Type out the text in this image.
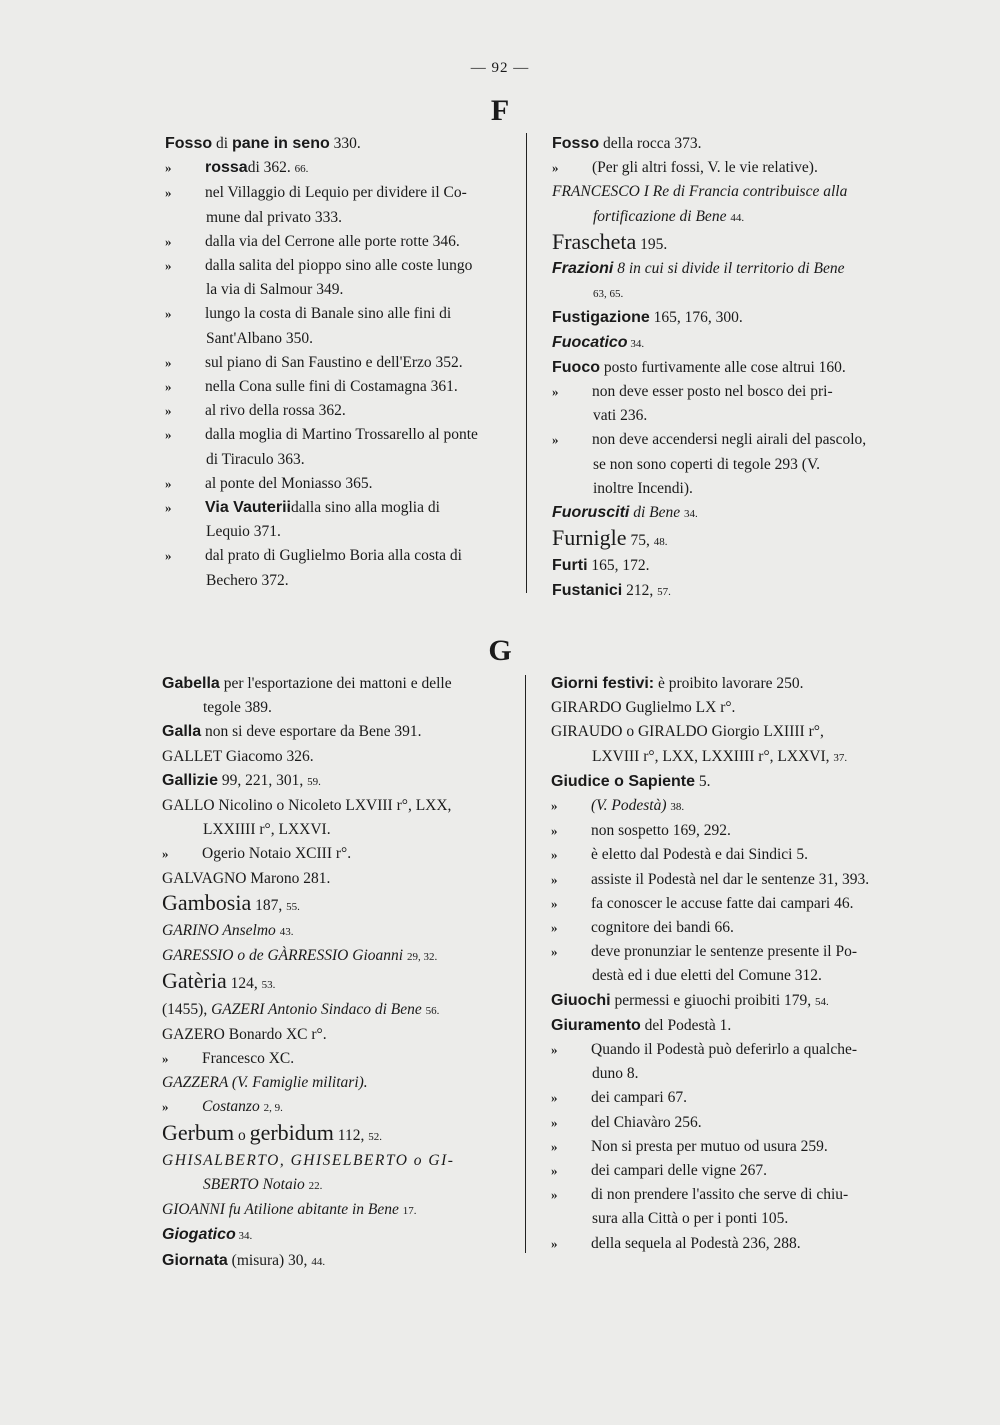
— 92 —
F
Fosso di pane in seno 330.
» rossadi 362. 66.
» nel Villaggio di Lequio per dividere il Co-
mune dal privato 333.
» dalla via del Cerrone alle porte rotte 346.
» dalla salita del pioppo sino alle coste lungo
la via di Salmour 349.
» lungo la costa di Banale sino alle fini di
Sant'Albano 350.
» sul piano di San Faustino e dell'Erzo 352.
» nella Cona sulle fini di Costamagna 361.
» al rivo della rossa 362.
» dalla moglia di Martino Trossarello al ponte
di Tiraculo 363.
» al ponte del Moniasso 365.
» Via Vauteriidalla sino alla moglia di
Lequio 371.
» dal prato di Guglielmo Boria alla costa di
Bechero 372.
Fosso della rocca 373.
» (Per gli altri fossi, V. le vie relative).
FRANCESCO I Re di Francia contribuisce alla
fortificazione di Bene 44.
Frascheta 195.
Frazioni 8 in cui si divide il territorio di Bene
63, 65.
Fustigazione 165, 176, 300.
Fuocatico 34.
Fuoco posto furtivamente alle cose altrui 160.
» non deve esser posto nel bosco dei pri-
vati 236.
» non deve accendersi negli airali del pascolo,
se non sono coperti di tegole 293 (V.
inoltre Incendi).
Fuorusciti di Bene 34.
Furnigle 75, 48.
Furti 165, 172.
Fustanici 212, 57.
G
Gabella per l'esportazione dei mattoni e delle
tegole 389.
Galla non si deve esportare da Bene 391.
GALLET Giacomo 326.
Gallizie 99, 221, 301, 59.
GALLO Nicolino o Nicoleto LXVIII r°, LXX,
LXXIIII r°, LXXVI.
» Ogerio Notaio XCIII r°.
GALVAGNO Marono 281.
Gambosia 187, 55.
GARINO Anselmo 43.
GARESSIO o de GÀRRESSIO Gioanni 29, 32.
Gatèria 124, 53.
(1455), GAZERI Antonio Sindaco di Bene 56.
GAZERO Bonardo XC r°.
» Francesco XC.
GAZZERA (V. Famiglie militari).
» Costanzo 2, 9.
Gerbum o gerbidum 112, 52.
GHISALBERTO, GHISELBERTO o GI-
SBERTO Notaio 22.
GIOANNI fu Atilione abitante in Bene 17.
Giogatico 34.
Giornata (misura) 30, 44.
Giorni festivi: è proibito lavorare 250.
GIRARDO Guglielmo LX r°.
GIRAUDO o GIRALDO Giorgio LXIIII r°,
LXVIII r°, LXX, LXXIIII r°, LXXVI, 37.
Giudice o Sapiente 5.
» (V. Podestà) 38.
» non sospetto 169, 292.
» è eletto dal Podestà e dai Sindici 5.
» assiste il Podestà nel dar le sentenze 31, 393.
» fa conoscer le accuse fatte dai campari 46.
» cognitore dei bandi 66.
» deve pronunziar le sentenze presente il Po-
destà ed i due eletti del Comune 312.
Giuochi permessi e giuochi proibiti 179, 54.
Giuramento del Podestà 1.
» Quando il Podestà può deferirlo a qualche-
duno 8.
» dei campari 67.
» del Chiavàro 256.
» Non si presta per mutuo od usura 259.
» dei campari delle vigne 267.
» di non prendere l'assito che serve di chiu-
sura alla Città o per i ponti 105.
» della sequela al Podestà 236, 288.
